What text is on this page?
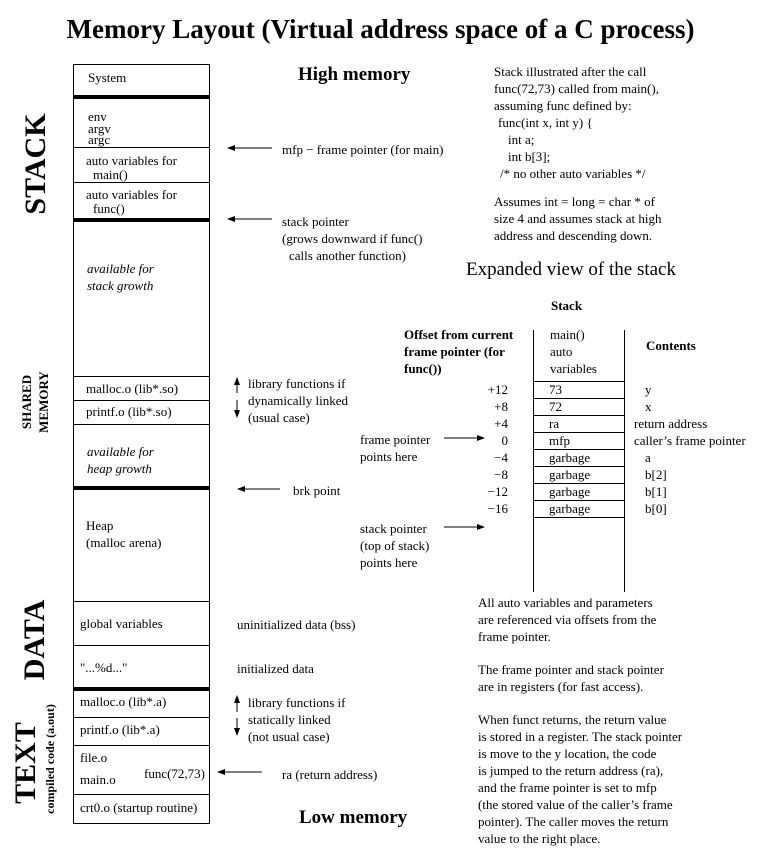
Memory Layout (Virtual address space of a C process)
STACK
SHARED MEMORY
DATA
TEXT compiled code (a.out)
System
env
argv
argc
auto variables for
main()
auto variables for
func()
available for
stack growth
malloc.o (lib*.so)
printf.o (lib*.so)
available for
heap growth
Heap
(malloc arena)
global variables
"...%d..."
malloc.o (lib*.a)
printf.o (lib*.a)
file.o
main.o func(72,73)
crt0.o (startup routine)
High memory
Low memory
mfp − frame pointer (for main)
stack pointer
(grows downward if func()
calls another function)
library functions if
dynamically linked
(usual case)
brk point
uninitialized data (bss)
initialized data
library functions if
statically linked
(not usual case)
ra (return address)
Stack illustrated after the call
func(72,73) called from main(),
assuming func defined by:
func(int x, int y) {
int a;
int b[3];
/* no other auto variables */
Assumes int = long = char * of
size 4 and assumes stack at high
address and descending down.
Expanded view of the stack
Stack
Offset from current
frame pointer (for
func())
Contents
main()
auto
variables
+12	73	y
+8	72	x
+4	ra	return address
0	mfp	caller’s frame pointer
−4	garbage	a
−8	garbage	b[2]
−12	garbage	b[1]
−16	garbage	b[0]
frame pointer
points here
stack pointer
(top of stack)
points here
All auto variables and parameters
are referenced via offsets from the
frame pointer.
The frame pointer and stack pointer
are in registers (for fast access).
When funct returns, the return value
is stored in a register. The stack pointer
is move to the y location, the code
is jumped to the return address (ra),
and the frame pointer is set to mfp
(the stored value of the caller’s frame
pointer). The caller moves the return
value to the right place.
